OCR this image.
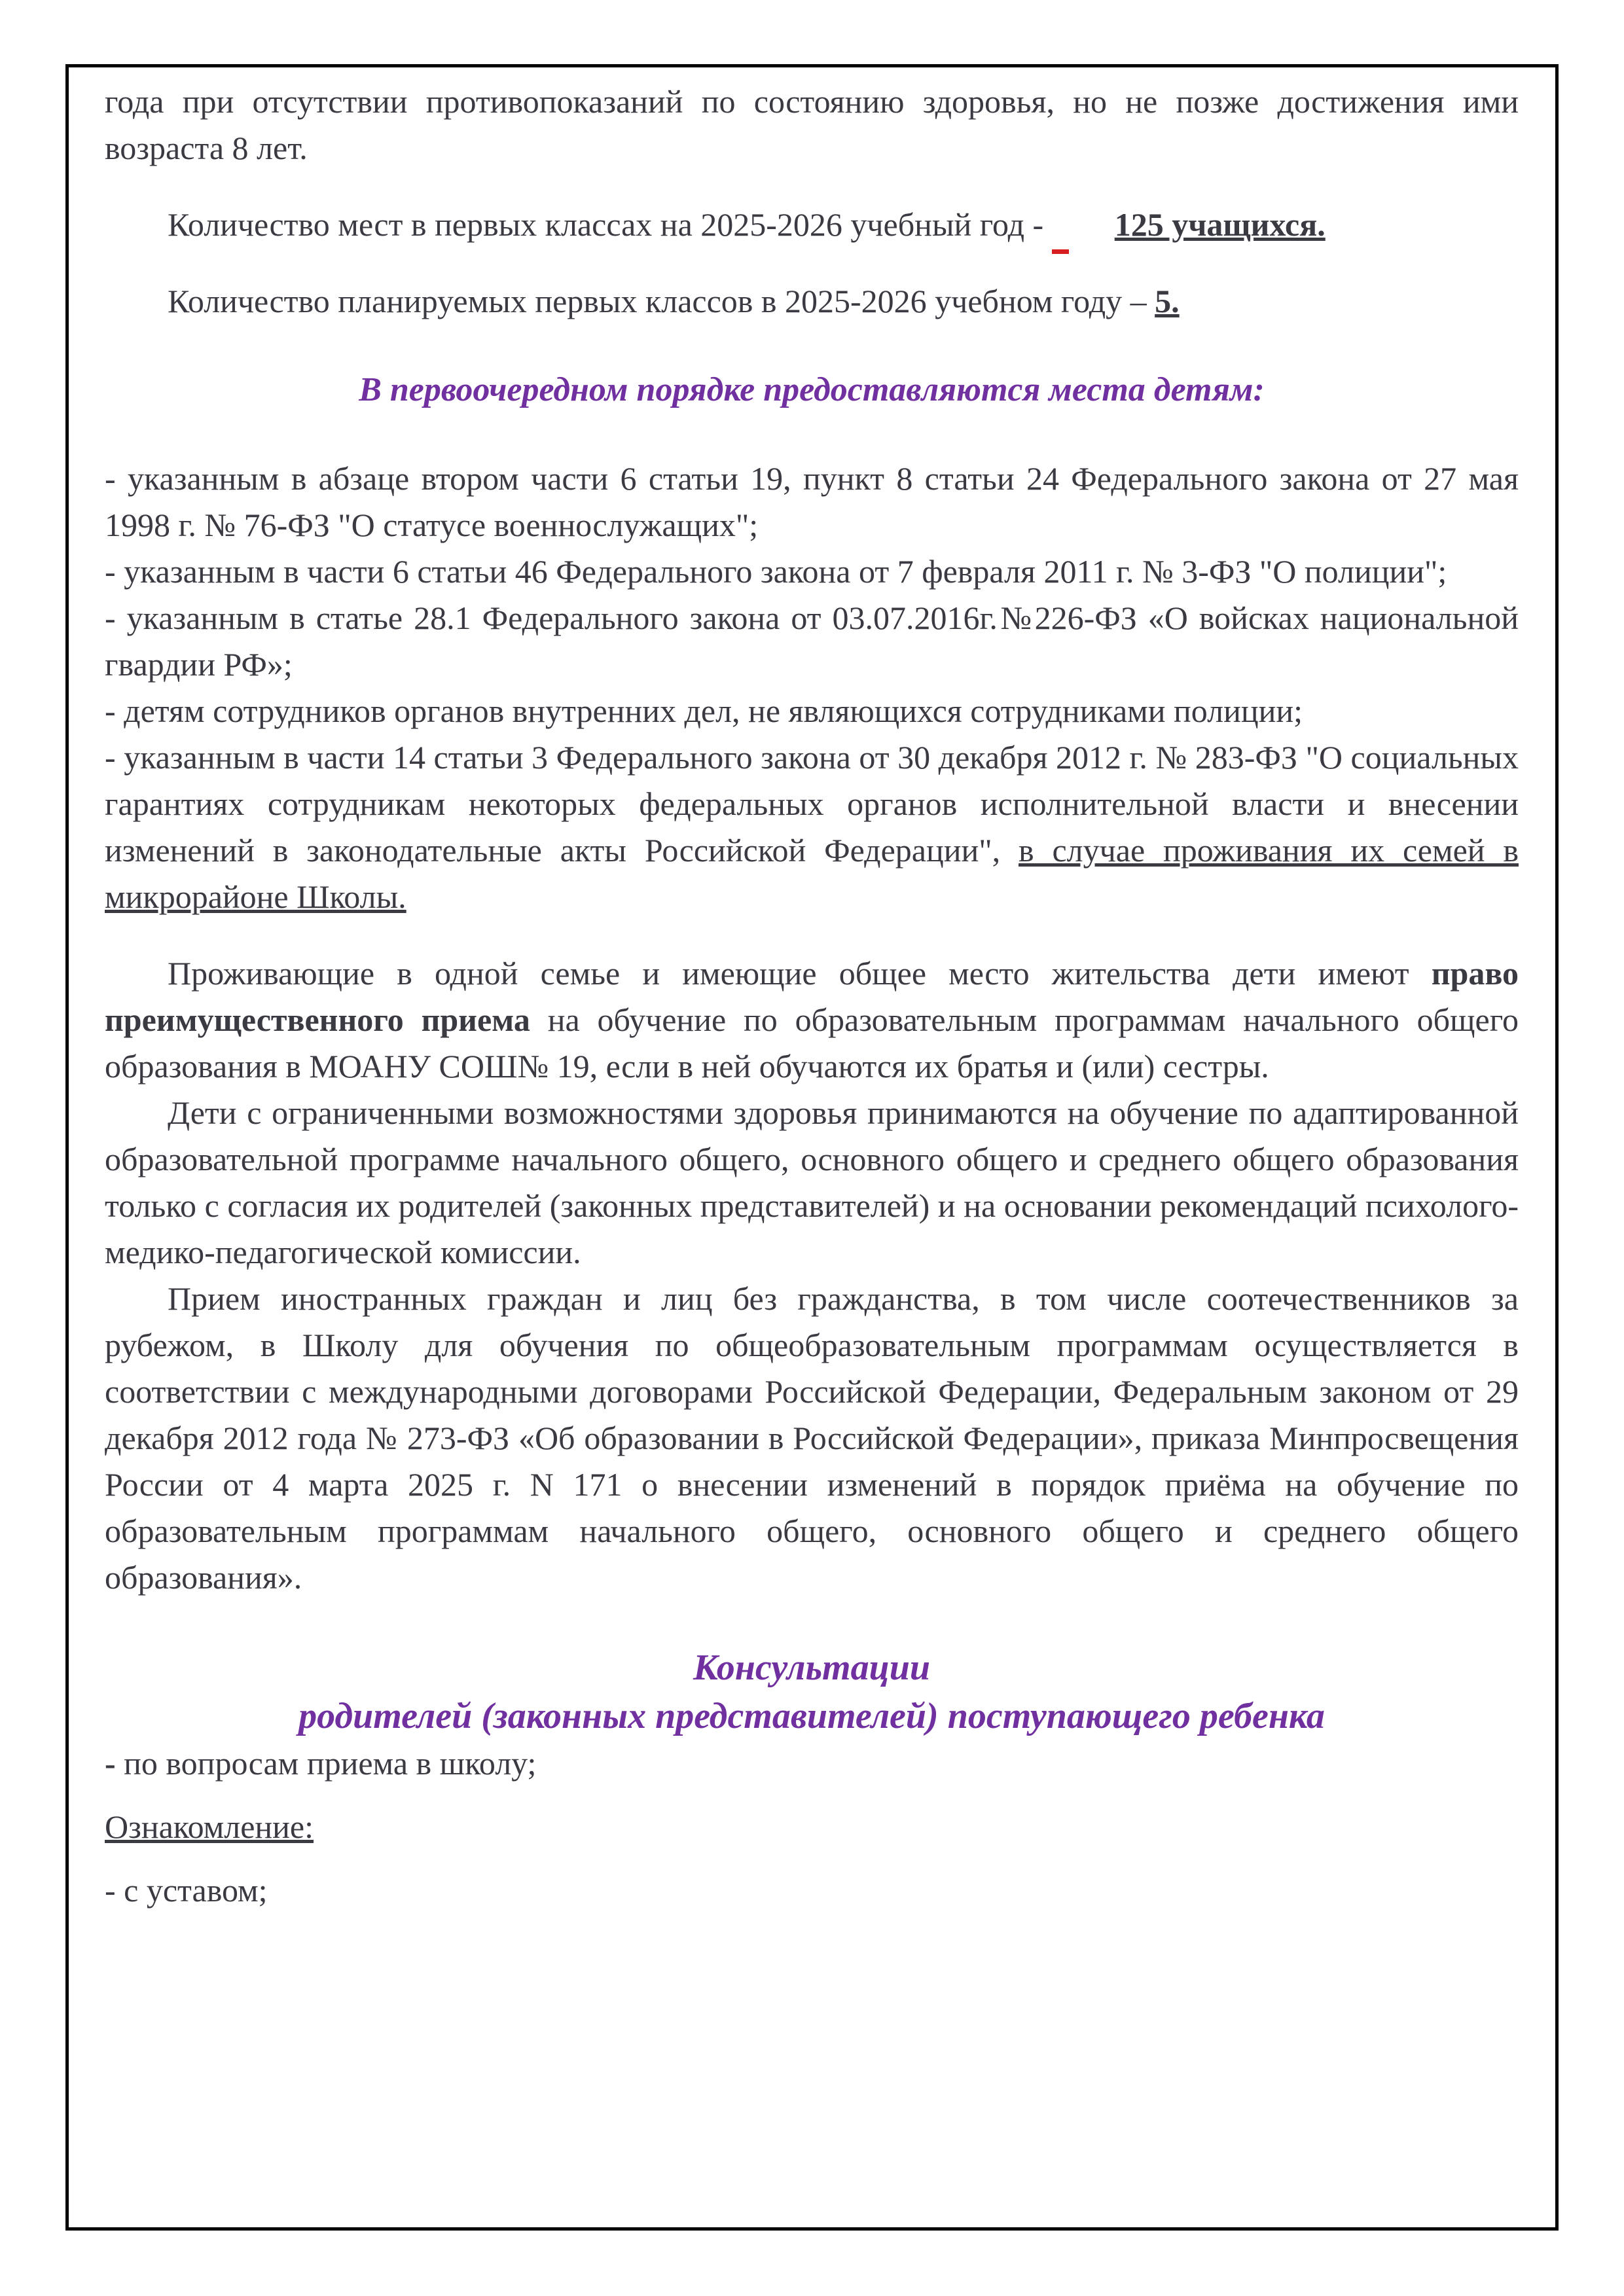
года при отсутствии противопоказаний по состоянию здоровья, но не позже достижения ими возраста 8 лет.

Количество мест в первых классах на 2025-2026 учебный год - 125 учащихся.

Количество планируемых первых классов в 2025-2026 учебном году – 5.

В первоочередном порядке предоставляются места детям:

- указанным в абзаце втором части 6 статьи 19, пункт 8 статьи 24 Федерального закона от 27 мая 1998 г. № 76-ФЗ "О статусе военнослужащих";

- указанным в части 6 статьи 46 Федерального закона от 7 февраля 2011 г. № 3-ФЗ "О полиции";

- указанным в статье 28.1 Федерального закона от 03.07.2016г.№226-ФЗ «О войсках национальной гвардии РФ»;

- детям сотрудников органов внутренних дел, не являющихся сотрудниками полиции;

- указанным в части 14 статьи 3 Федерального закона от 30 декабря 2012 г. № 283-ФЗ "О социальных гарантиях сотрудникам некоторых федеральных органов исполнительной власти и внесении изменений в законодательные акты Российской Федерации", в случае проживания их семей в микрорайоне Школы.

Проживающие в одной семье и имеющие общее место жительства дети имеют право преимущественного приема на обучение по образовательным программам начального общего образования в МОАНУ СОШ№ 19, если в ней обучаются их братья и (или) сестры.

Дети с ограниченными возможностями здоровья принимаются на обучение по адаптированной образовательной программе начального общего, основного общего и среднего общего образования только с согласия их родителей (законных представителей) и на основании рекомендаций психолого-медико-педагогической комиссии.

Прием иностранных граждан и лиц без гражданства, в том числе соотечественников за рубежом, в Школу для обучения по общеобразовательным программам осуществляется в соответствии с международными договорами Российской Федерации, Федеральным законом от 29 декабря 2012 года № 273-ФЗ «Об образовании в Российской Федерации», приказа Минпросвещения России от 4 марта 2025 г. N 171 о внесении изменений в порядок приёма на обучение по образовательным программам начального общего, основного общего и среднего общего образования».

Консультации

родителей (законных представителей) поступающего ребенка

- по вопросам приема в школу;

Ознакомление:

- с уставом;
